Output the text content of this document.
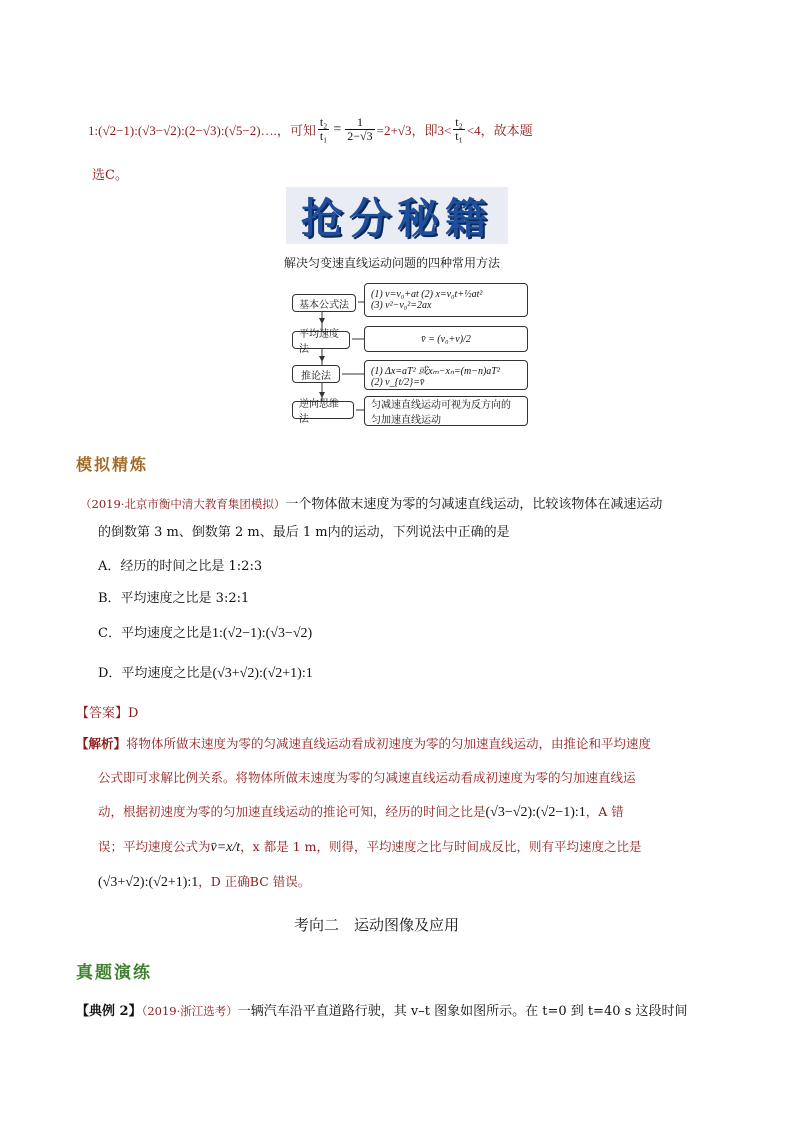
1:(√2−1):(√3−√2):(2−√3):(√5−2)….，可知 $\frac{\text{t₂}}{\text{t₁}} = \frac{1}{2-√3} =2+√3$，即$3< \frac{\text{t₂}}{\text{t₁}} <4$，故本题
选C。
抢分秘籍
解决匀变速直线运动问题的四种常用方法
基本公式法
(1) v=v₀+at (2) x=v₀t+½at²
(3) v²−v₀²=2ax
平均速度法
v̄ = (v₀+v)/2
推论法	(1) Δx=aT² 或xₘ−xₙ=(m−n)aT²
(2) v_{t/2}=v̄
逆向思维法
匀减速直线运动可视为反方向的
匀加速直线运动
模拟精炼
（2019·北京市衡中清大教育集团模拟）一个物体做末速度为零的匀减速直线运动，比较该物体在减速运动
的倒数第 3 m、倒数第 2 m、最后 1 m内的运动，下列说法中正确的是
A．经历的时间之比是 1:2:3
B．平均速度之比是 3:2:1
C．平均速度之比是1:(√2−1):(√3−√2)
D．平均速度之比是(√3+√2):(√2+1):1
【答案】D
【解析】将物体所做末速度为零的匀减速直线运动看成初速度为零的匀加速直线运动，由推论和平均速度
公式即可求解比例关系。将物体所做末速度为零的匀减速直线运动看成初速度为零的匀加速直线运
动，根据初速度为零的匀加速直线运动的推论可知，经历的时间之比是(√3−√2):(√2−1):1，A 错
误；平均速度公式为v̄=x/t，x 都是 1 m，则得，平均速度之比与时间成反比，则有平均速度之比是
(√3+√2):(√2+1):1，D 正确BC 错误。
考向二　运动图像及应用
真题演练
【典例 2】（2019·浙江选考）一辆汽车沿平直道路行驶，其 v–t 图象如图所示。在 t=0 到 t=40 s 这段时间
